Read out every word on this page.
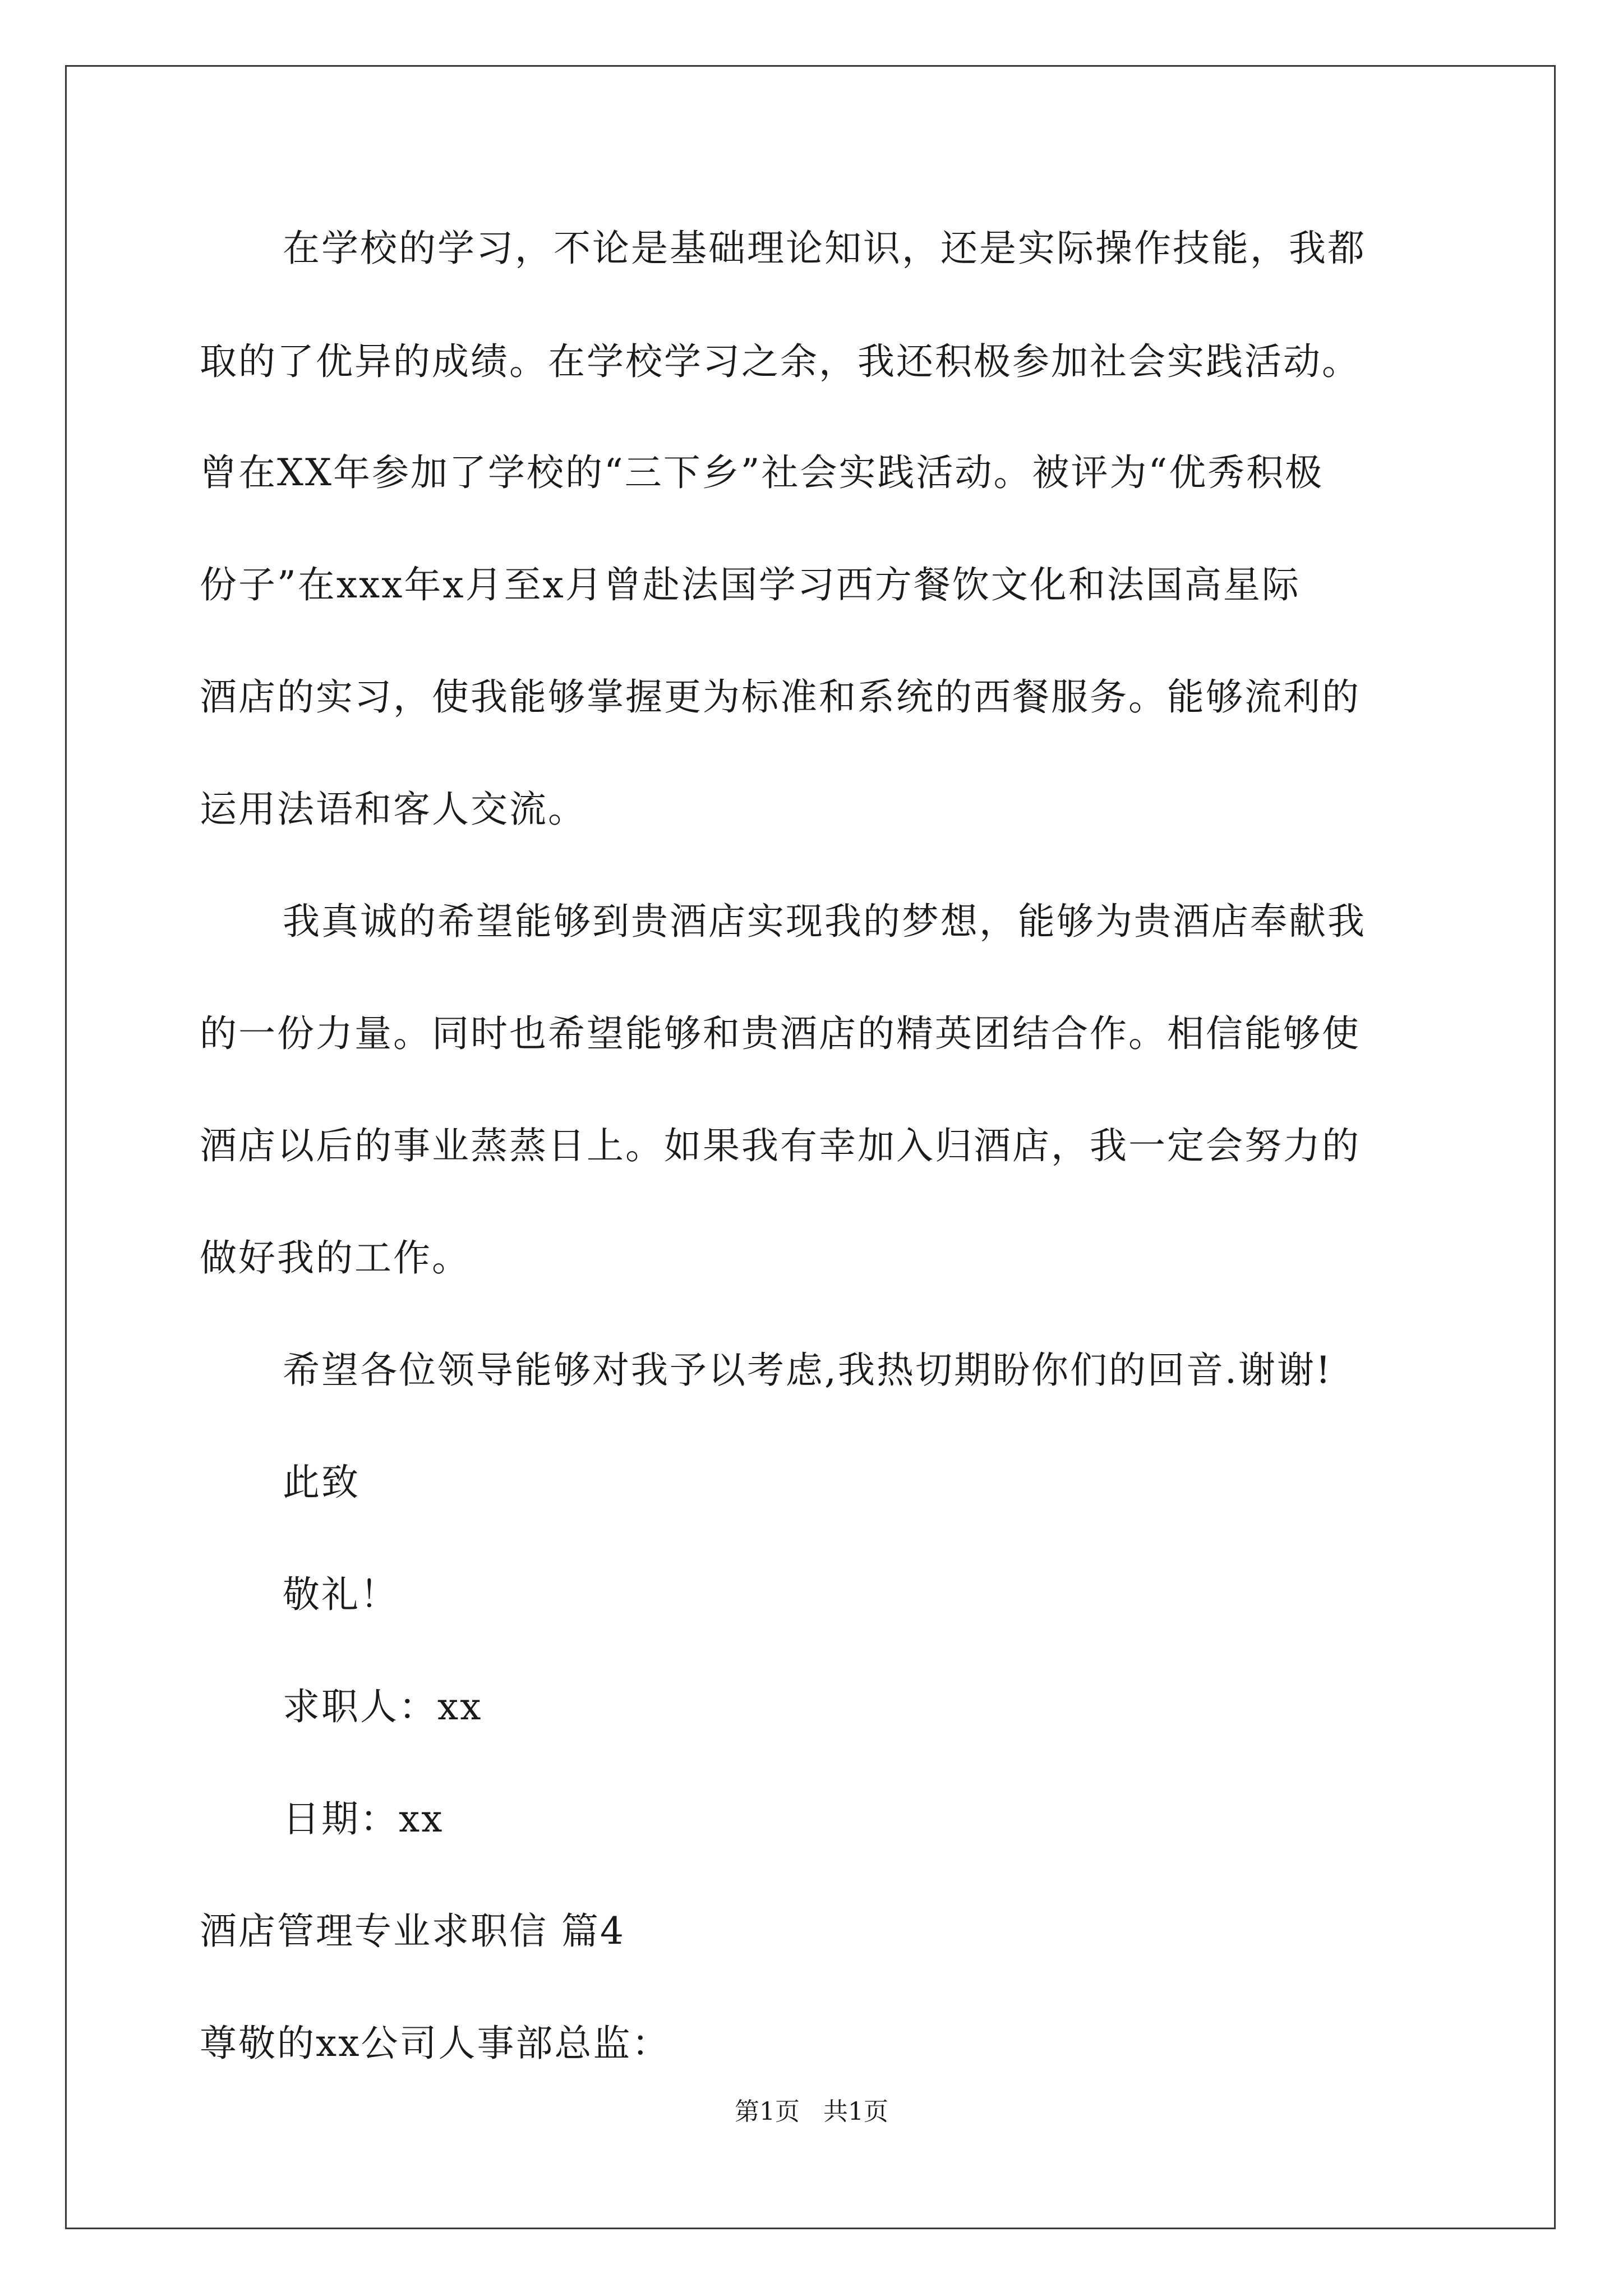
在学校的学习，不论是基础理论知识，还是实际操作技能，我都
取的了优异的成绩。在学校学习之余，我还积极参加社会实践活动。
曾在XX年参加了学校的“三下乡”社会实践活动。被评为“优秀积极
份子”在xxx年x月至x月曾赴法国学习西方餐饮文化和法国高星际
酒店的实习，使我能够掌握更为标准和系统的西餐服务。能够流利的
运用法语和客人交流。
我真诚的希望能够到贵酒店实现我的梦想，能够为贵酒店奉献我
的一份力量。同时也希望能够和贵酒店的精英团结合作。相信能够使
酒店以后的事业蒸蒸日上。如果我有幸加入归酒店，我一定会努力的
做好我的工作。
希望各位领导能够对我予以考虑,我热切期盼你们的回音.谢谢!
此致
敬礼！
求职人：xx
日期：xx
酒店管理专业求职信 篇4
尊敬的xx公司人事部总监：
第1页   共1页
